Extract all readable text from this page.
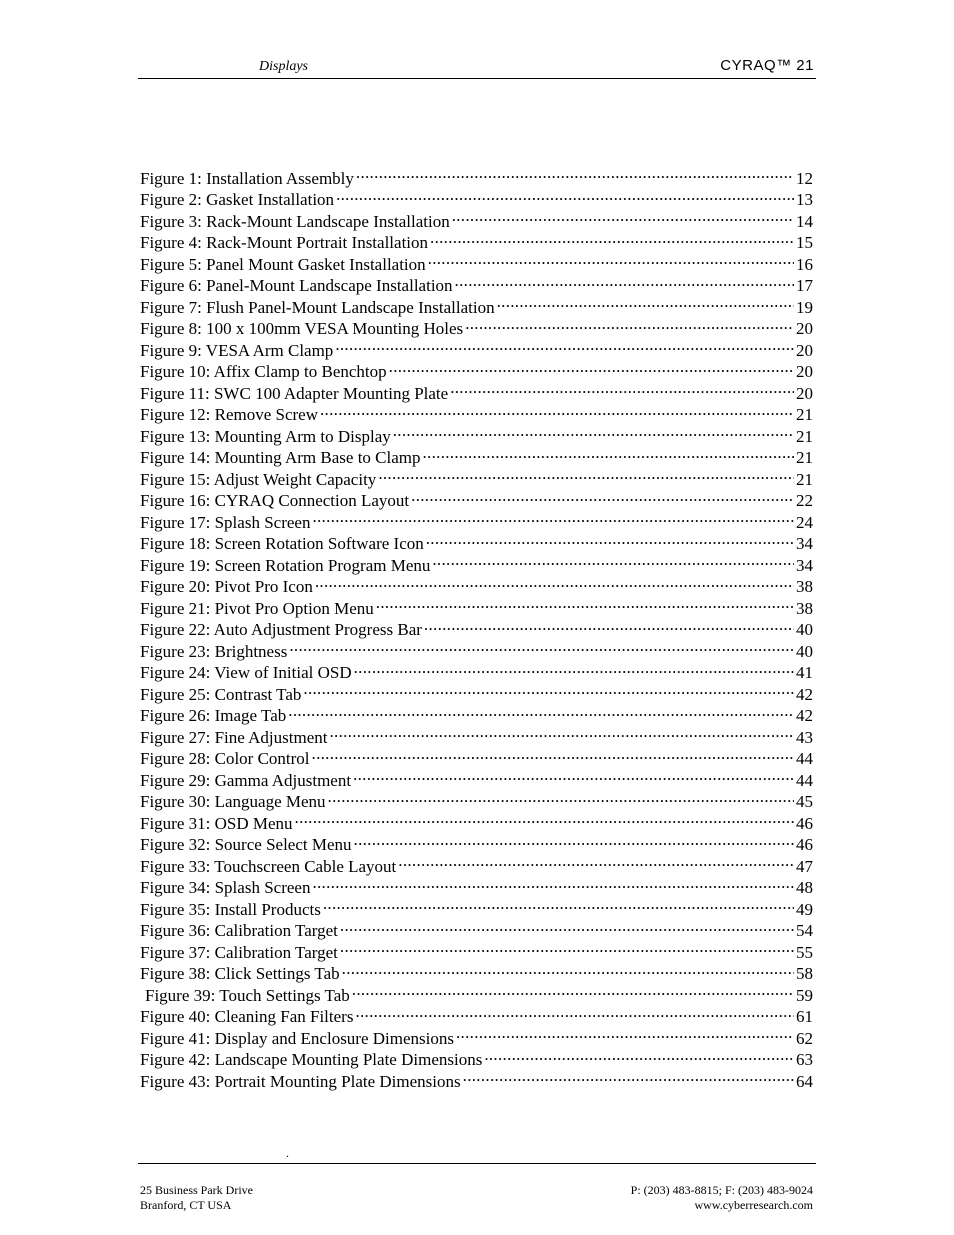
Displays	CYRAQ™ 21
Figure 1: Installation Assembly .....	12
Figure 2: Gasket Installation .....	13
Figure 3: Rack-Mount Landscape Installation .....	14
Figure 4: Rack-Mount Portrait Installation .....	15
Figure 5: Panel Mount Gasket Installation .....	16
Figure 6: Panel-Mount Landscape Installation .....	17
Figure 7: Flush Panel-Mount Landscape Installation .....	19
Figure 8: 100 x 100mm VESA Mounting Holes .....	20
Figure 9: VESA Arm Clamp .....	20
Figure 10: Affix Clamp to Benchtop .....	20
Figure 11: SWC 100 Adapter Mounting Plate .....	20
Figure 12: Remove Screw .....	21
Figure 13: Mounting Arm to Display .....	21
Figure 14: Mounting Arm Base to Clamp .....	21
Figure 15: Adjust Weight Capacity .....	21
Figure 16: CYRAQ Connection Layout .....	22
Figure 17: Splash Screen .....	24
Figure 18: Screen Rotation Software Icon .....	34
Figure 19: Screen Rotation Program Menu .....	34
Figure 20: Pivot Pro Icon .....	38
Figure 21: Pivot Pro Option Menu .....	38
Figure 22: Auto Adjustment Progress Bar .....	40
Figure 23: Brightness .....	40
Figure 24: View of Initial OSD .....	41
Figure 25: Contrast Tab .....	42
Figure 26: Image Tab .....	42
Figure 27: Fine Adjustment .....	43
Figure 28: Color Control .....	44
Figure 29: Gamma Adjustment .....	44
Figure 30: Language Menu .....	45
Figure 31: OSD Menu .....	46
Figure 32: Source Select Menu .....	46
Figure 33: Touchscreen Cable Layout .....	47
Figure 34: Splash Screen .....	48
Figure 35: Install Products .....	49
Figure 36: Calibration Target .....	54
Figure 37: Calibration Target .....	55
Figure 38: Click Settings Tab .....	58
Figure 39: Touch Settings Tab .....	59
Figure 40: Cleaning Fan Filters .....	61
Figure 41: Display and Enclosure Dimensions .....	62
Figure 42: Landscape Mounting Plate Dimensions .....	63
Figure 43: Portrait Mounting Plate Dimensions .....	64
.
25 Business Park Drive
Branford, CT USA
P: (203) 483-8815; F: (203) 483-9024
www.cyberresearch.com
